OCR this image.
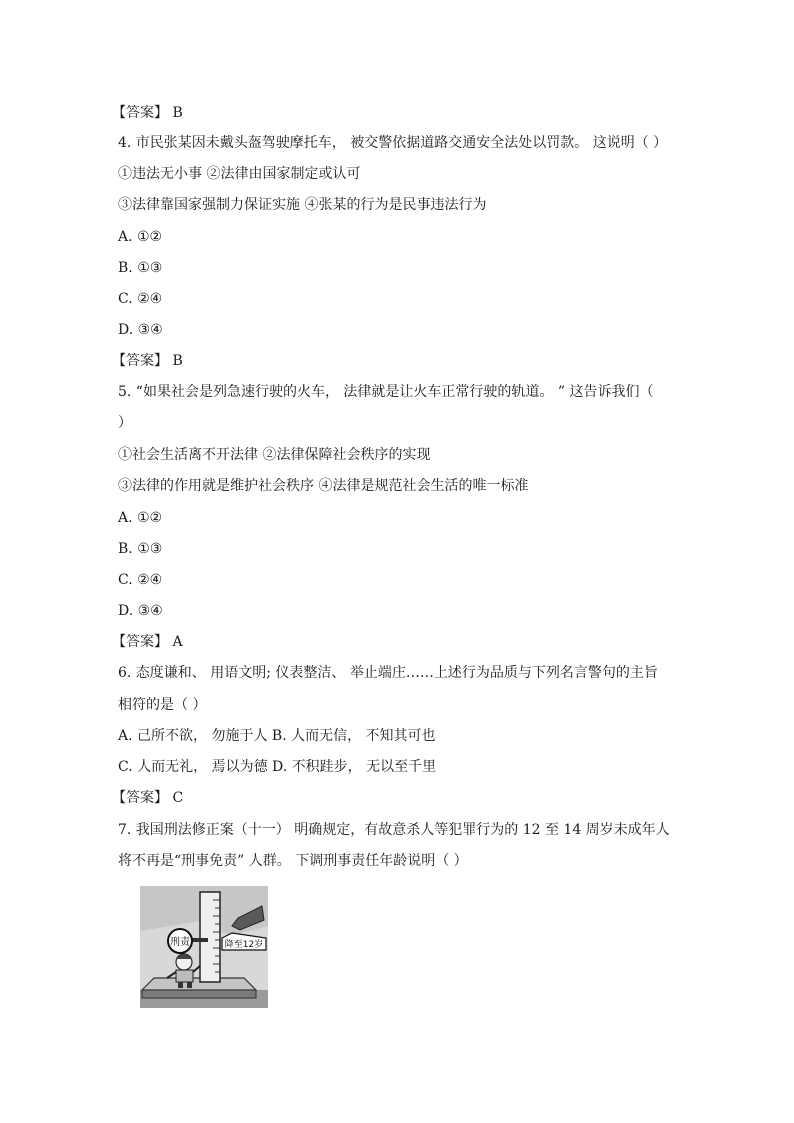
【答案】 B
4. 市民张某因未戴头盔驾驶摩托车， 被交警依据道路交通安全法处以罚款。 这说明（ ）
①违法无小事 ②法律由国家制定或认可
③法律靠国家强制力保证实施 ④张某的行为是民事违法行为
A. ①②
B. ①③
C. ②④
D. ③④
【答案】 B
5. “如果社会是列急速行驶的火车， 法律就是让火车正常行驶的轨道。 ” 这告诉我们（
）
①社会生活离不开法律 ②法律保障社会秩序的实现
③法律的作用就是维护社会秩序 ④法律是规范社会生活的唯一标准
A. ①②
B. ①③
C. ②④
D. ③④
【答案】 A
6. 态度谦和、 用语文明; 仪表整洁、 举止端庄……上述行为品质与下列名言警句的主旨
相符的是（ ）
A. 己所不欲， 勿施于人 B. 人而无信， 不知其可也
C. 人而无礼， 焉以为德 D. 不积跬步， 无以至千里
【答案】 C
7. 我国刑法修正案（十一） 明确规定，有故意杀人等犯罪行为的 12 至 14 周岁未成年人
将不再是“刑事免责” 人群。 下调刑事责任年龄说明（ ）
刑责	降至12岁
